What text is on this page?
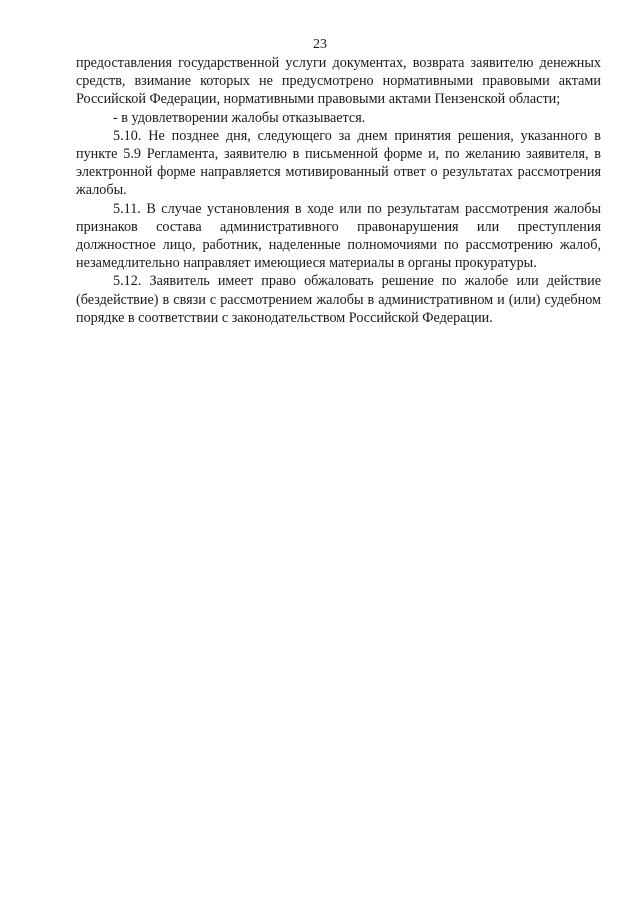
23

предоставления государственной услуги документах, возврата заявителю денежных средств, взимание которых не предусмотрено нормативными правовыми актами Российской Федерации, нормативными правовыми актами Пензенской области;

- в удовлетворении жалобы отказывается.

5.10. Не позднее дня, следующего за днем принятия решения, указанного в пункте 5.9 Регламента, заявителю в письменной форме и, по желанию заявителя, в электронной форме направляется мотивированный ответ о результатах рассмотрения жалобы.

5.11. В случае установления в ходе или по результатам рассмотрения жалобы признаков состава административного правонарушения или преступления должностное лицо, работник, наделенные полномочиями по рассмотрению жалоб, незамедлительно направляет имеющиеся материалы в органы прокуратуры.

5.12. Заявитель имеет право обжаловать решение по жалобе или действие (бездействие) в связи с рассмотрением жалобы в административном и (или) судебном порядке в соответствии с законодательством Российской Федерации.
